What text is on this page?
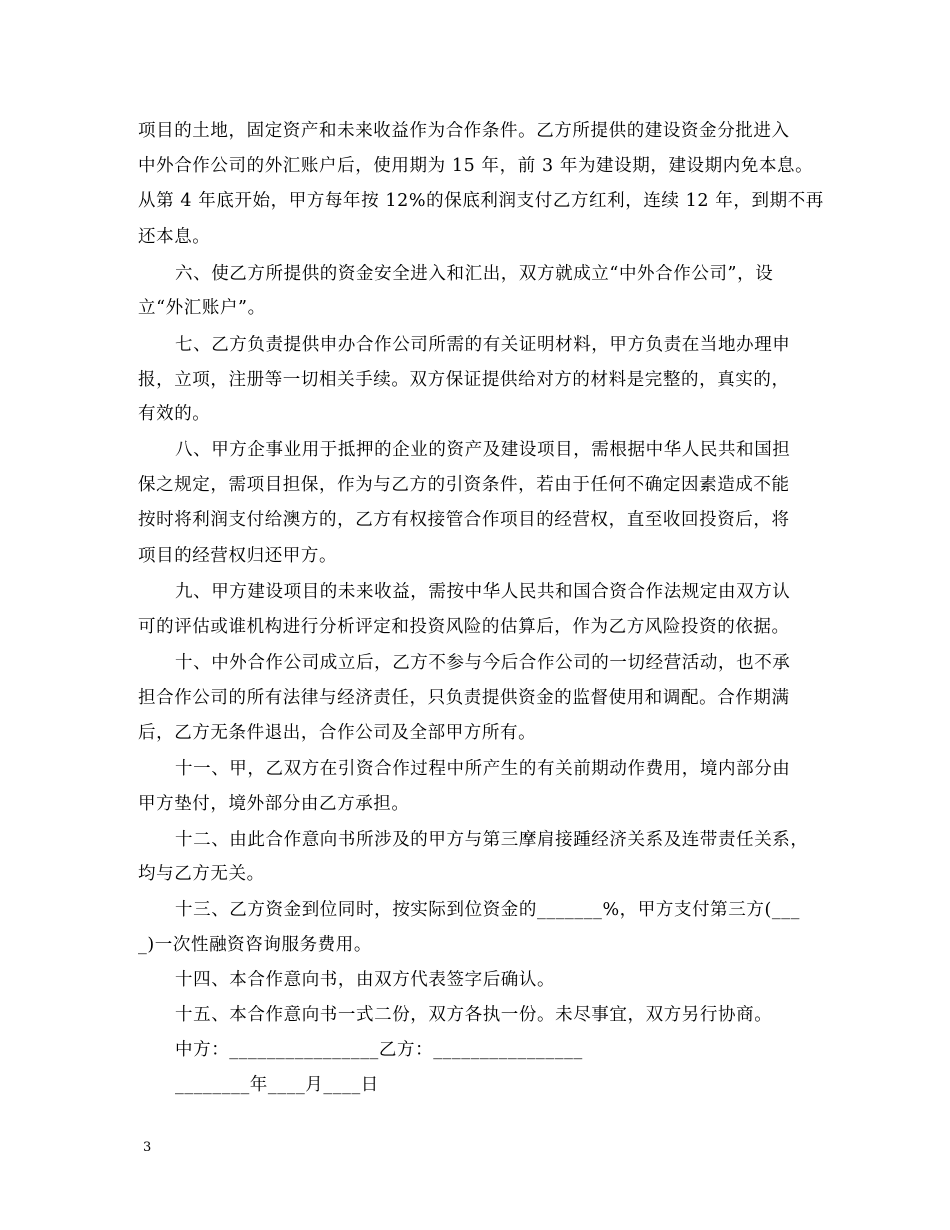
项目的土地，固定资产和未来收益作为合作条件。乙方所提供的建设资金分批进入
中外合作公司的外汇账户后，使用期为 15 年，前 3 年为建设期，建设期内免本息。
从第 4 年底开始，甲方每年按 12%的保底利润支付乙方红利，连续 12 年，到期不再
还本息。
六、使乙方所提供的资金安全进入和汇出，双方就成立“中外合作公司”，设
立“外汇账户”。
七、乙方负责提供申办合作公司所需的有关证明材料，甲方负责在当地办理申
报，立项，注册等一切相关手续。双方保证提供给对方的材料是完整的，真实的，
有效的。
八、甲方企事业用于抵押的企业的资产及建设项目，需根据中华人民共和国担
保之规定，需项目担保，作为与乙方的引资条件，若由于任何不确定因素造成不能
按时将利润支付给澳方的，乙方有权接管合作项目的经营权，直至收回投资后，将
项目的经营权归还甲方。
九、甲方建设项目的未来收益，需按中华人民共和国合资合作法规定由双方认
可的评估或谁机构进行分析评定和投资风险的估算后，作为乙方风险投资的依据。
十、中外合作公司成立后，乙方不参与今后合作公司的一切经营活动，也不承
担合作公司的所有法律与经济责任，只负责提供资金的监督使用和调配。合作期满
后，乙方无条件退出，合作公司及全部甲方所有。
十一、甲，乙双方在引资合作过程中所产生的有关前期动作费用，境内部分由
甲方垫付，境外部分由乙方承担。
十二、由此合作意向书所涉及的甲方与第三摩肩接踵经济关系及连带责任关系，
均与乙方无关。
十三、乙方资金到位同时，按实际到位资金的_______%，甲方支付第三方(___
_)一次性融资咨询服务费用。
十四、本合作意向书，由双方代表签字后确认。
十五、本合作意向书一式二份，双方各执一份。未尽事宜，双方另行协商。
中方：________________乙方：________________
________年____月____日
3
